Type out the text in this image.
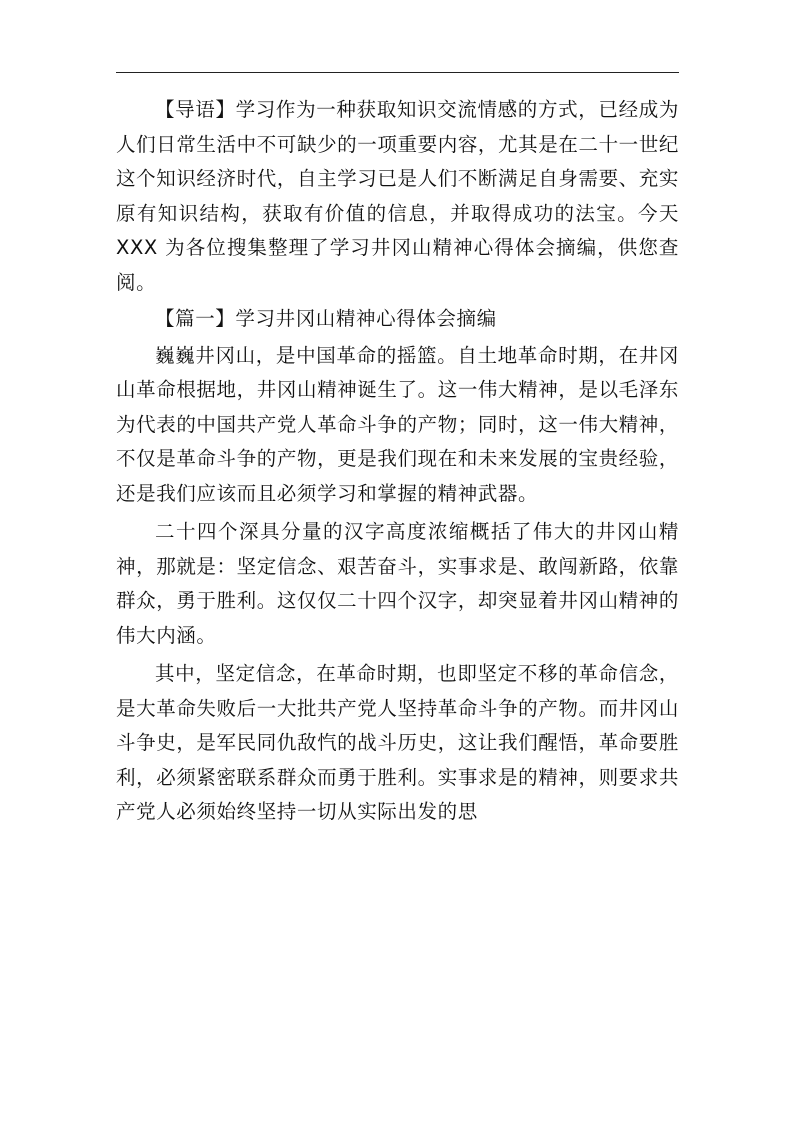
【导语】学习作为一种获取知识交流情感的方式，已经成为人们日常生活中不可缺少的一项重要内容，尤其是在二十一世纪这个知识经济时代，自主学习已是人们不断满足自身需要、充实原有知识结构，获取有价值的信息，并取得成功的法宝。今天 XXX 为各位搜集整理了学习井冈山精神心得体会摘编，供您查阅。

【篇一】学习井冈山精神心得体会摘编

巍巍井冈山，是中国革命的摇篮。自土地革命时期，在井冈山革命根据地，井冈山精神诞生了。这一伟大精神，是以毛泽东为代表的中国共产党人革命斗争的产物；同时，这一伟大精神，不仅是革命斗争的产物，更是我们现在和未来发展的宝贵经验，还是我们应该而且必须学习和掌握的精神武器。

二十四个深具分量的汉字高度浓缩概括了伟大的井冈山精神，那就是：坚定信念、艰苦奋斗，实事求是、敢闯新路，依靠群众，勇于胜利。这仅仅二十四个汉字，却突显着井冈山精神的伟大内涵。

其中，坚定信念，在革命时期，也即坚定不移的革命信念，是大革命失败后一大批共产党人坚持革命斗争的产物。而井冈山斗争史，是军民同仇敌忾的战斗历史，这让我们醒悟，革命要胜利，必须紧密联系群众而勇于胜利。实事求是的精神，则要求共产党人必须始终坚持一切从实际出发的思
